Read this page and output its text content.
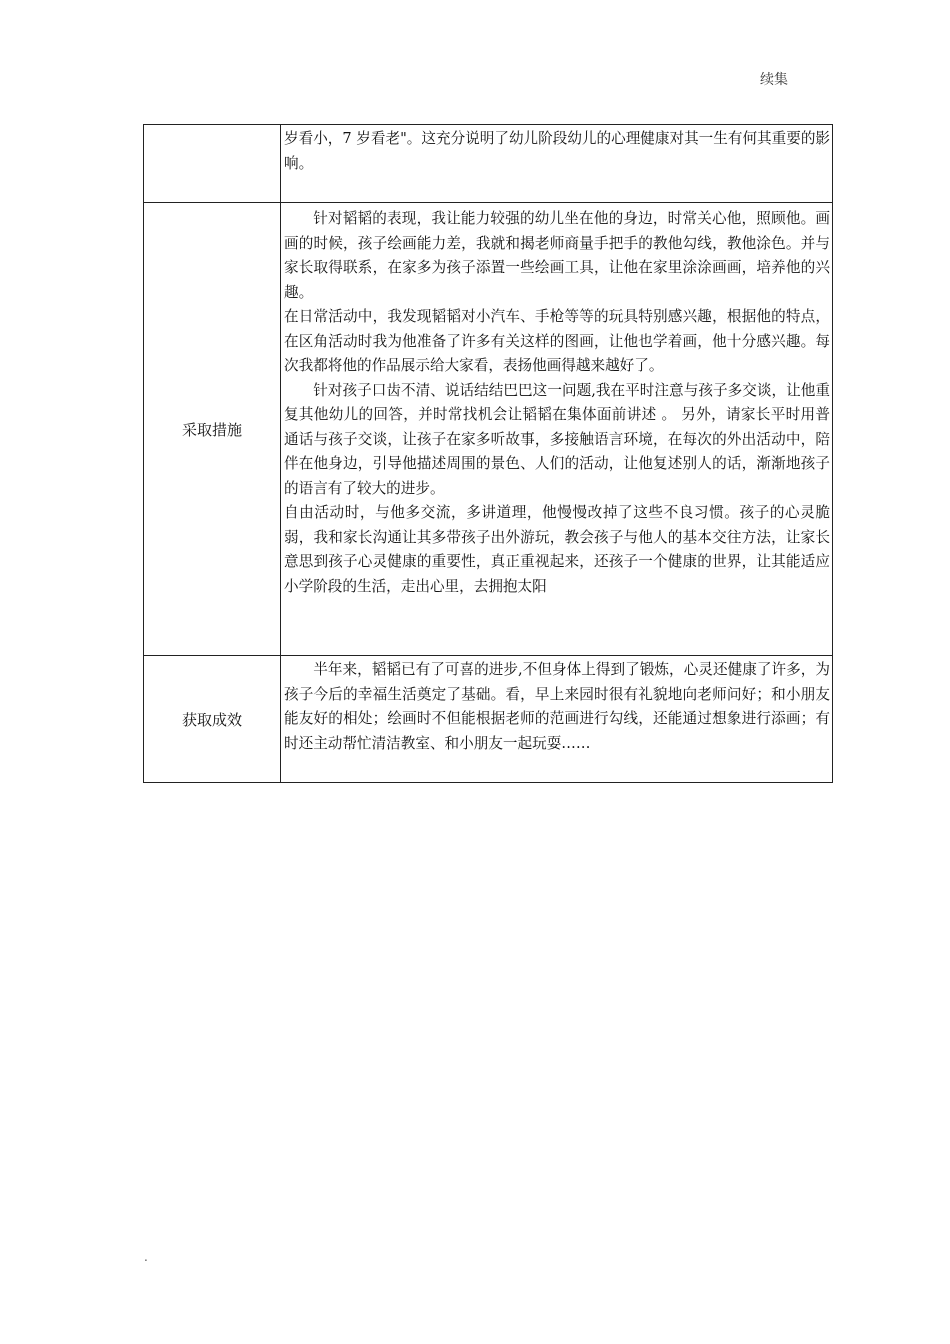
续集

	岁看小，7 岁看老"。这充分说明了幼儿阶段幼儿的心理健康对其一生有何其重要的影响。

采取措施	针对韬韬的表现，我让能力较强的幼儿坐在他的身边，时常关心他，照顾他。画画的时候，孩子绘画能力差，我就和揭老师商量手把手的教他勾线，教他涂色。并与家长取得联系，在家多为孩子添置一些绘画工具，让他在家里涂涂画画，培养他的兴趣。

在日常活动中，我发现韬韬对小汽车、手枪等等的玩具特别感兴趣，根据他的特点，在区角活动时我为他准备了许多有关这样的图画，让他也学着画，他十分感兴趣。每次我都将他的作品展示给大家看，表扬他画得越来越好了。

针对孩子口齿不清、说话结结巴巴这一问题,我在平时注意与孩子多交谈，让他重复其他幼儿的回答，并时常找机会让韬韬在集体面前讲述 。 另外，请家长平时用普通话与孩子交谈，让孩子在家多听故事，多接触语言环境，在每次的外出活动中，陪伴在他身边，引导他描述周围的景色、人们的活动，让他复述别人的话，渐渐地孩子的语言有了较大的进步。

自由活动时，与他多交流，多讲道理，他慢慢改掉了这些不良习惯。孩子的心灵脆弱，我和家长沟通让其多带孩子出外游玩，教会孩子与他人的基本交往方法，让家长意思到孩子心灵健康的重要性，真正重视起来，还孩子一个健康的世界，让其能适应小学阶段的生活，走出心里，去拥抱太阳

获取成效	半年来，韬韬已有了可喜的进步,不但身体上得到了锻炼，心灵还健康了许多，为孩子今后的幸福生活奠定了基础。看，早上来园时很有礼貌地向老师问好；和小朋友能友好的相处；绘画时不但能根据老师的范画进行勾线，还能通过想象进行添画；有时还主动帮忙清洁教室、和小朋友一起玩耍……

.
